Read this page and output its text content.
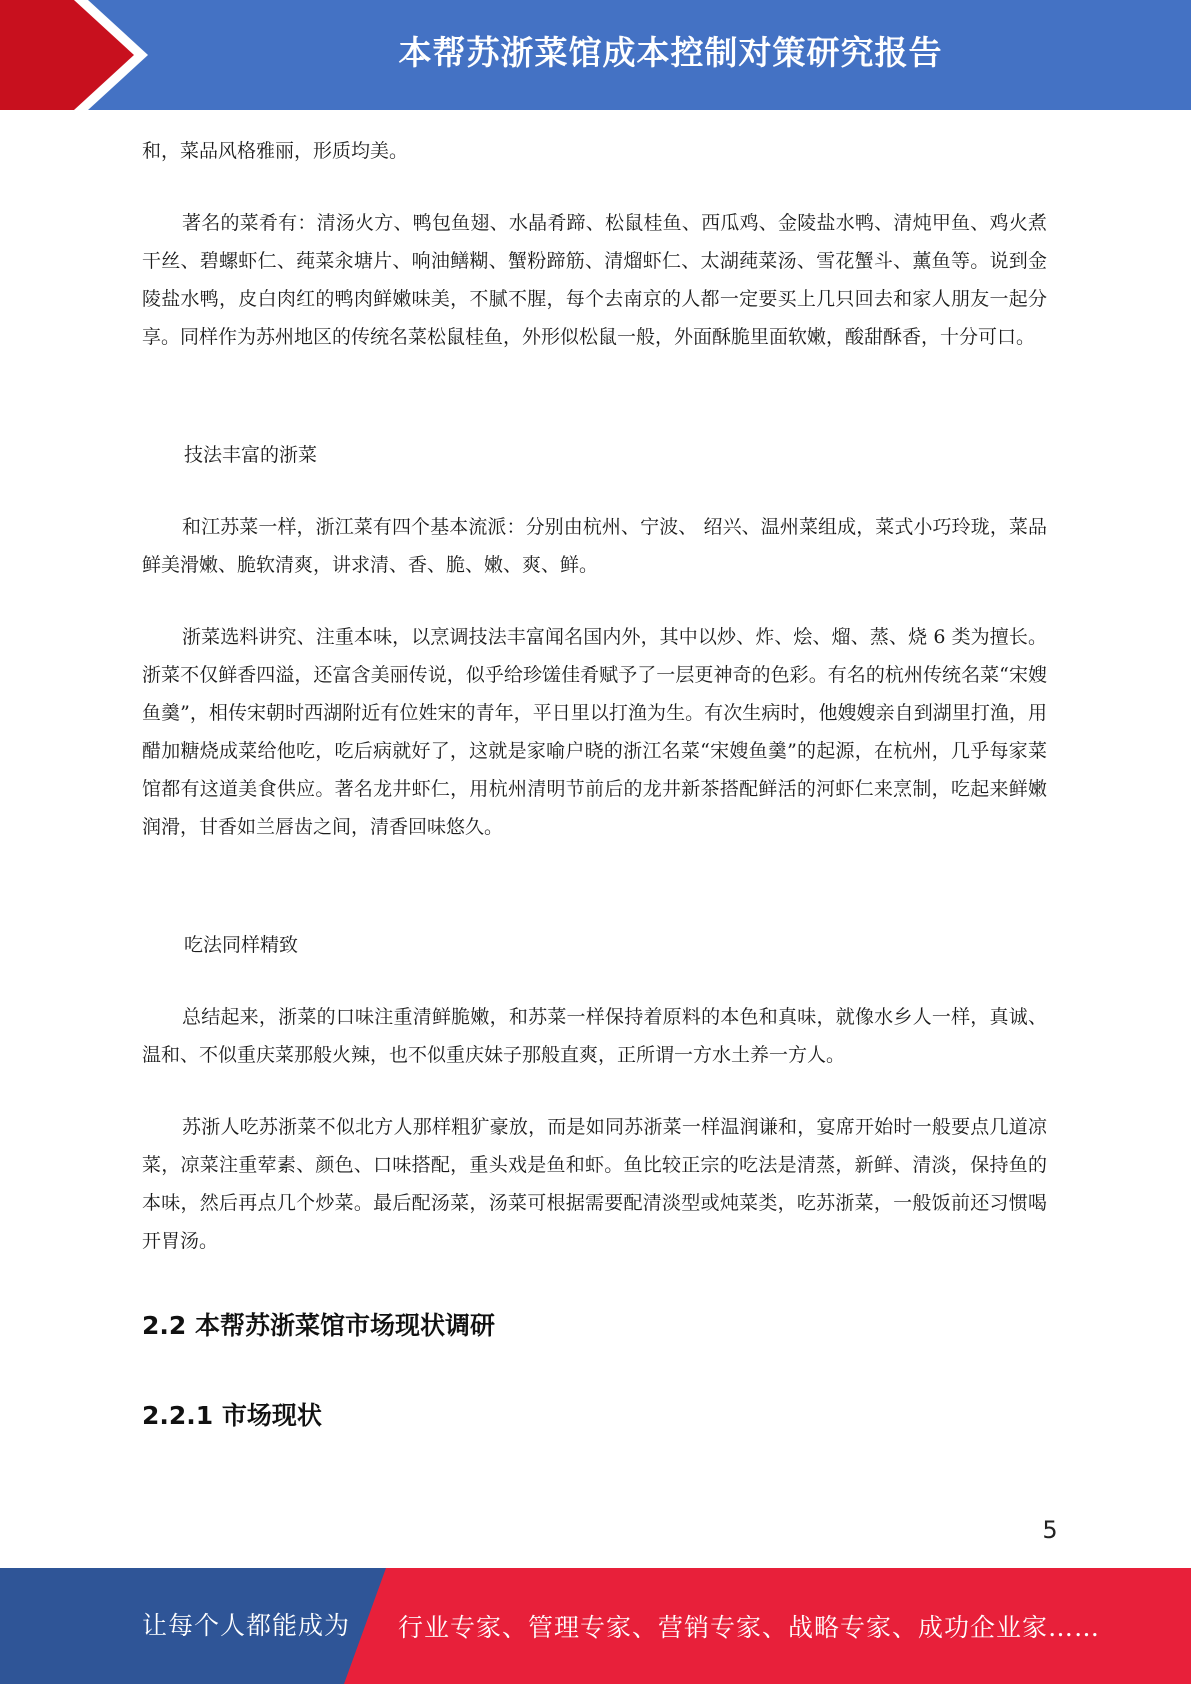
本帮苏浙菜馆成本控制对策研究报告

和，菜品风格雅丽，形质均美。

著名的菜肴有：清汤火方、鸭包鱼翅、水晶肴蹄、松鼠桂鱼、西瓜鸡、金陵盐水鸭、清炖甲鱼、鸡火煮干丝、碧螺虾仁、莼菜汆塘片、响油鳝糊、蟹粉蹄筋、清熘虾仁、太湖莼菜汤、雪花蟹斗、薰鱼等。说到金陵盐水鸭，皮白肉红的鸭肉鲜嫩味美，不腻不腥，每个去南京的人都一定要买上几只回去和家人朋友一起分享。同样作为苏州地区的传统名菜松鼠桂鱼，外形似松鼠一般，外面酥脆里面软嫩，酸甜酥香，十分可口。

技法丰富的浙菜

和江苏菜一样，浙江菜有四个基本流派：分别由杭州、宁波、 绍兴、温州菜组成，菜式小巧玲珑，菜品鲜美滑嫩、脆软清爽，讲求清、香、脆、嫩、爽、鲜。

浙菜选料讲究、注重本味，以烹调技法丰富闻名国内外，其中以炒、炸、烩、熘、蒸、烧 6 类为擅长。浙菜不仅鲜香四溢，还富含美丽传说，似乎给珍馐佳肴赋予了一层更神奇的色彩。有名的杭州传统名菜“宋嫂鱼羹”，相传宋朝时西湖附近有位姓宋的青年，平日里以打渔为生。有次生病时，他嫂嫂亲自到湖里打渔，用醋加糖烧成菜给他吃，吃后病就好了，这就是家喻户晓的浙江名菜“宋嫂鱼羹”的起源，在杭州，几乎每家菜馆都有这道美食供应。著名龙井虾仁，用杭州清明节前后的龙井新茶搭配鲜活的河虾仁来烹制，吃起来鲜嫩润滑，甘香如兰唇齿之间，清香回味悠久。

吃法同样精致

总结起来，浙菜的口味注重清鲜脆嫩，和苏菜一样保持着原料的本色和真味，就像水乡人一样，真诚、温和、不似重庆菜那般火辣，也不似重庆妹子那般直爽，正所谓一方水土养一方人。

苏浙人吃苏浙菜不似北方人那样粗犷豪放，而是如同苏浙菜一样温润谦和，宴席开始时一般要点几道凉菜，凉菜注重荤素、颜色、口味搭配，重头戏是鱼和虾。鱼比较正宗的吃法是清蒸，新鲜、清淡，保持鱼的本味，然后再点几个炒菜。最后配汤菜，汤菜可根据需要配清淡型或炖菜类，吃苏浙菜，一般饭前还习惯喝开胃汤。

2.2 本帮苏浙菜馆市场现状调研
2.2.1 市场现状
5
让每个人都能成为 行业专家、管理专家、营销专家、战略专家、成功企业家……
